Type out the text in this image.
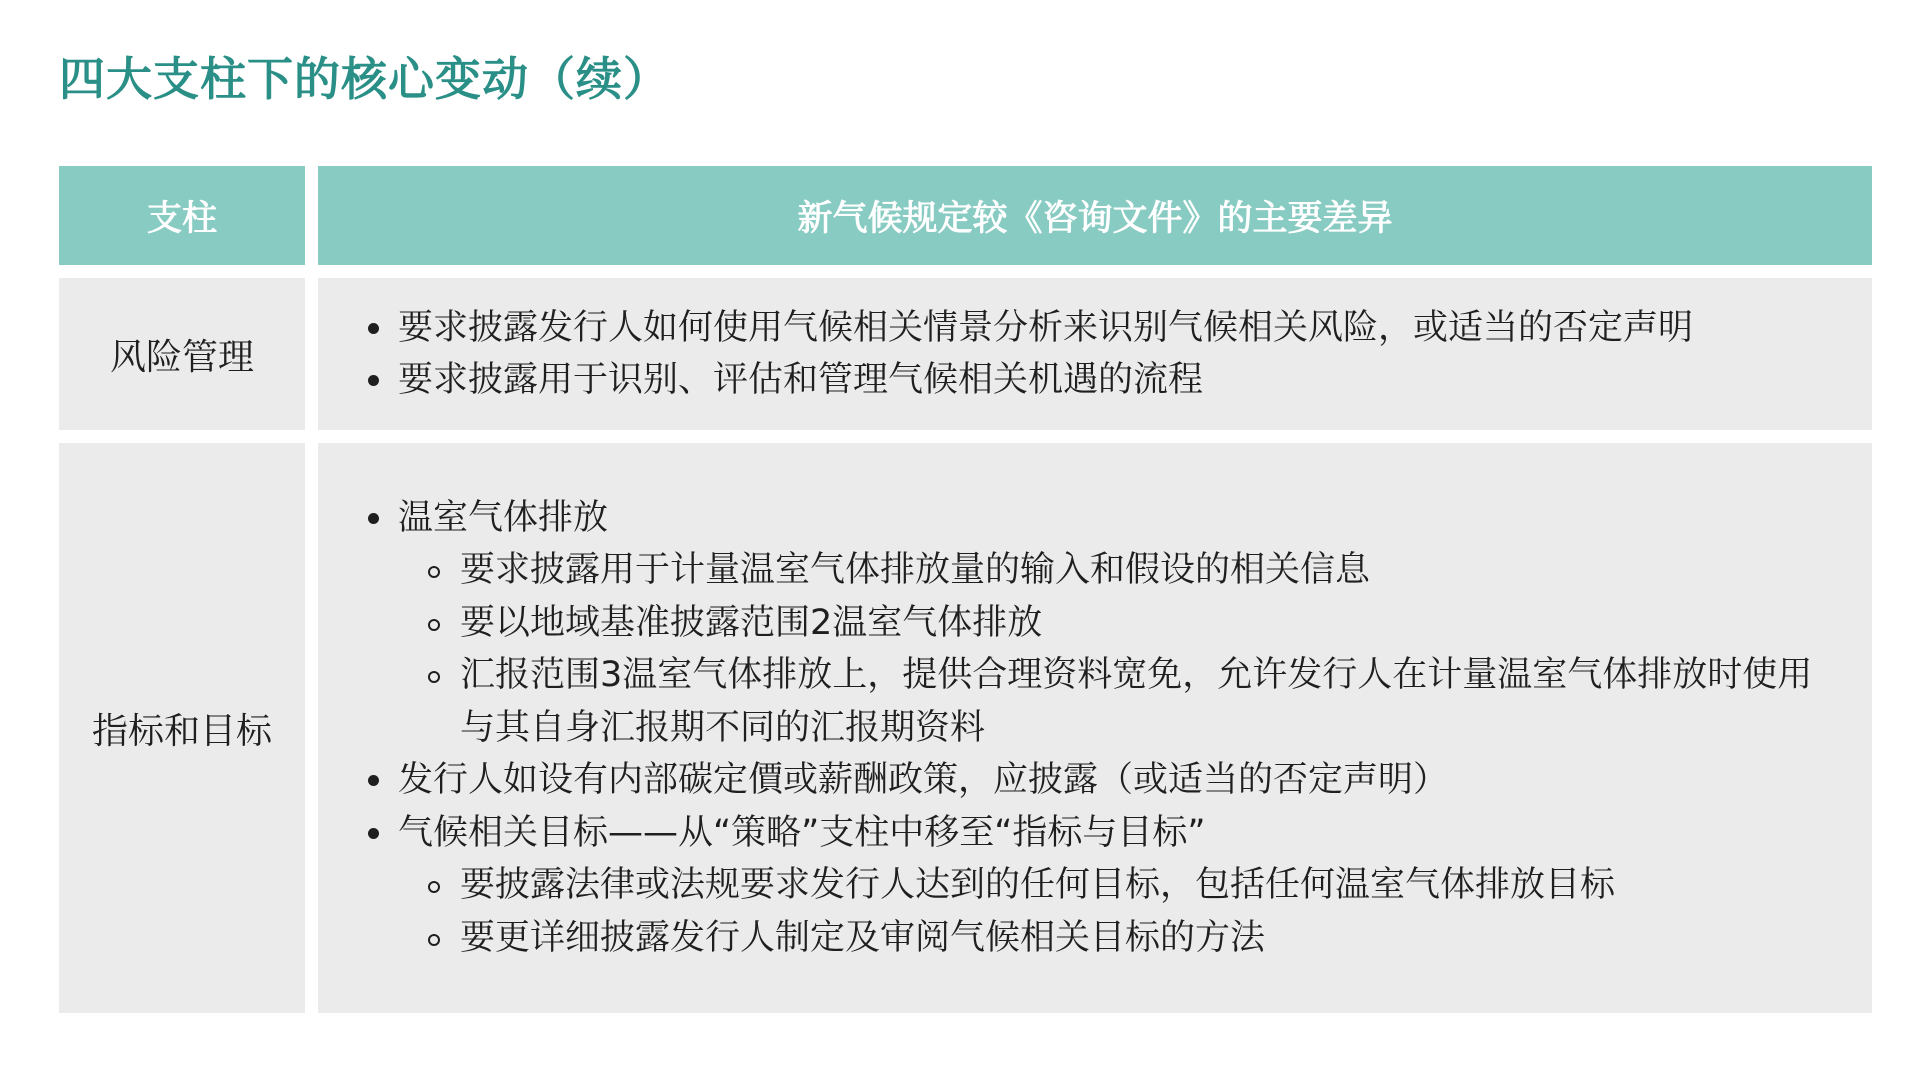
四大支柱下的核心变动（续）
支柱	新气候规定较《咨询文件》的主要差异
风险管理
要求披露发行人如何使用气候相关情景分析来识别气候相关风险，或适当的否定声明
要求披露用于识别、评估和管理气候相关机遇的流程
指标和目标
温室气体排放
要求披露用于计量温室气体排放量的输入和假设的相关信息
要以地域基准披露范围2温室气体排放
汇报范围3温室气体排放上，提供合理资料宽免，允许发行人在计量温室气体排放时使用与其自身汇报期不同的汇报期资料
发行人如设有内部碳定價或薪酬政策，应披露（或适当的否定声明）
气候相关目标——从“策略”支柱中移至“指标与目标”
要披露法律或法规要求发行人达到的任何目标，包括任何温室气体排放目标
要更详细披露发行人制定及审阅气候相关目标的方法
